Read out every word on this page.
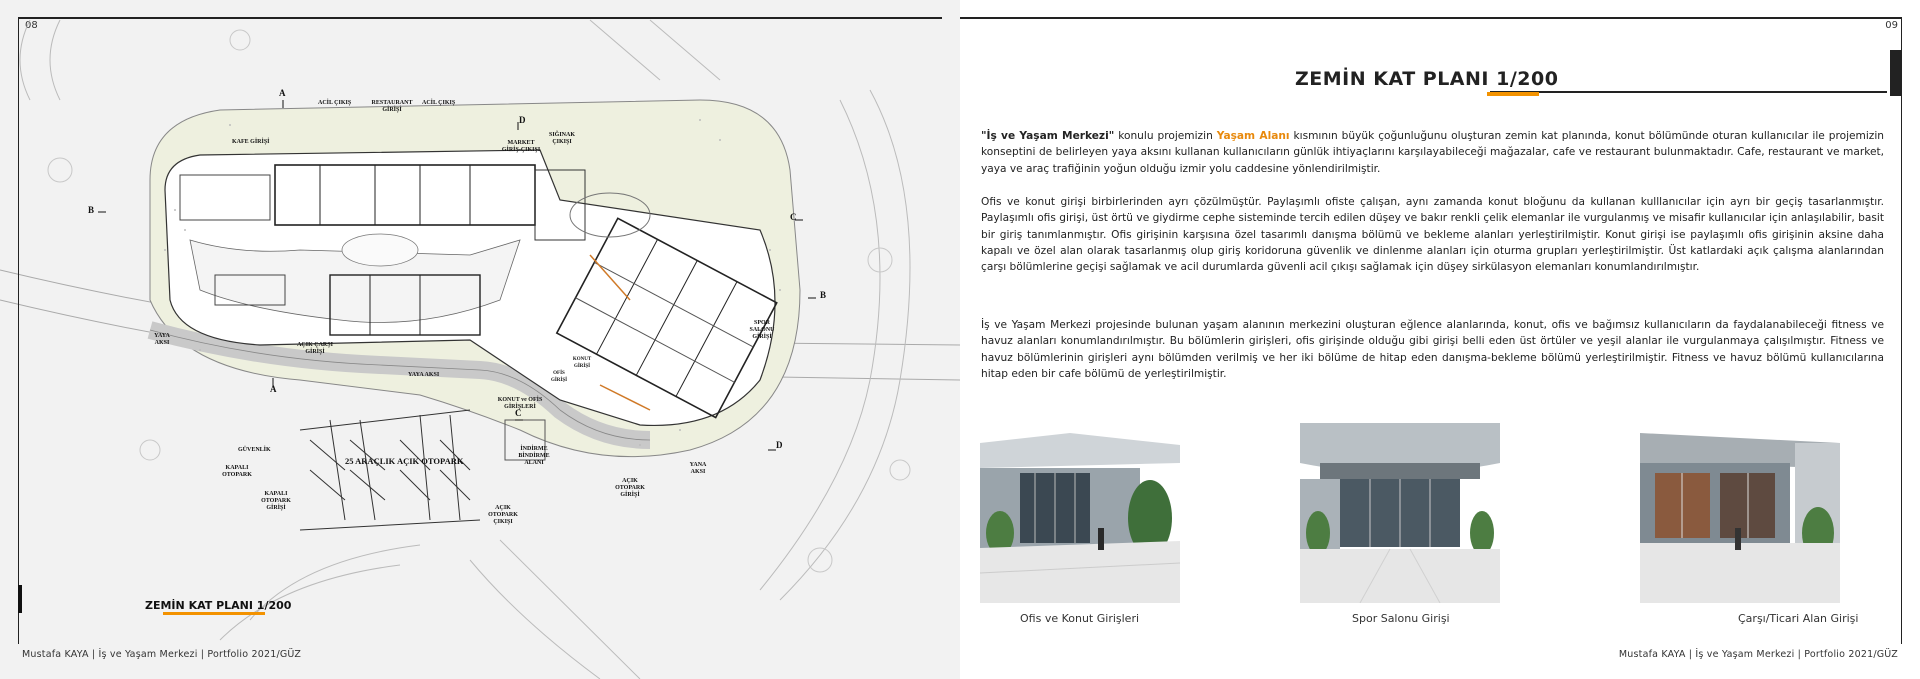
08
A
A
B
B
C
C
D
D
KAFE GİRİŞİ
ACİL ÇIKIŞ	RESTAURANT GİRİŞİ
ACİL ÇIKIŞ
MARKET GİRİŞ-ÇIKIŞI
SIĞINAK ÇIKIŞI
YAYA AKSI	AÇIK ÇARŞI GİRİŞİ
YAYA AKSI
KONUT ve OFİS GİRİŞLERİ
OFİS GİRİŞİ
KONUT GİRİŞİ
SPOR SALONU GİRİŞİ
GÜVENLİK
25 ARAÇLIK AÇIK OTOPARK
KAPALI OTOPARK
KAPALI OTOPARK GİRİŞİ
İNDİRME BİNDİRME ALANI
AÇIK OTOPARK ÇIKIŞI
AÇIK OTOPARK GİRİŞİ
YANA AKSI
ZEMİN KAT PLANI 1/200
Mustafa KAYA | İş ve Yaşam Merkezi | Portfolio 2021/GÜZ
09
ZEMİN KAT PLANI 1/200

"İş ve Yaşam Merkezi" konulu projemizin Yaşam Alanı kısmının büyük çoğunluğunu oluşturan zemin kat planında, konut bölümünde oturan kullanıcılar ile projemizin konseptini de belirleyen yaya aksını kullanan kullanıcıların günlük ihtiyaçlarını karşılayabileceği mağazalar, cafe ve restaurant bulunmaktadır. Cafe, restaurant ve market, yaya ve araç trafiğinin yoğun olduğu izmir yolu caddesine yönlendirilmiştir.

Ofis ve konut girişi birbirlerinden ayrı çözülmüştür. Paylaşımlı ofiste çalışan, aynı zamanda konut bloğunu da kullanan kulllanıcılar için ayrı bir geçiş tasarlanmıştır. Paylaşımlı ofis girişi, üst örtü ve giydirme cephe sisteminde tercih edilen düşey ve bakır renkli çelik elemanlar ile vurgulanmış ve misafir kullanıcılar için anlaşılabilir, basit bir giriş tanımlanmıştır. Ofis girişinin karşısına özel tasarımlı danışma bölümü ve bekleme alanları yerleştirilmiştir. Konut girişi ise paylaşımlı ofis girişinin aksine daha kapalı ve özel alan olarak tasarlanmış olup giriş koridoruna güvenlik ve dinlenme alanları için oturma grupları yerleştirilmiştir. Üst katlardaki açık çalışma alanlarından çarşı bölümlerine geçişi sağlamak ve acil durumlarda güvenli acil çıkışı sağlamak için düşey sirkülasyon elemanları konumlandırılmıştır.

İş ve Yaşam Merkezi projesinde bulunan yaşam alanının merkezini oluşturan eğlence alanlarında, konut, ofis ve bağımsız kullanıcıların da faydalanabileceği fitness ve havuz alanları konumlandırılmıştır. Bu bölümlerin girişleri, ofis girişinde olduğu gibi girişi belli eden üst örtüler ve yeşil alanlar ile vurgulanmaya çalışılmıştır. Fitness ve havuz bölümlerinin girişleri aynı bölümden verilmiş ve her iki bölüme de hitap eden danışma-bekleme bölümü yerleştirilmiştir. Fitness ve havuz bölümü kullanıcılarına hitap eden bir cafe bölümü de yerleştirilmiştir.

Ofis ve Konut Girişleri	Spor Salonu Girişi	Çarşı/Ticari Alan Girişi
Mustafa KAYA | İş ve Yaşam Merkezi | Portfolio 2021/GÜZ
